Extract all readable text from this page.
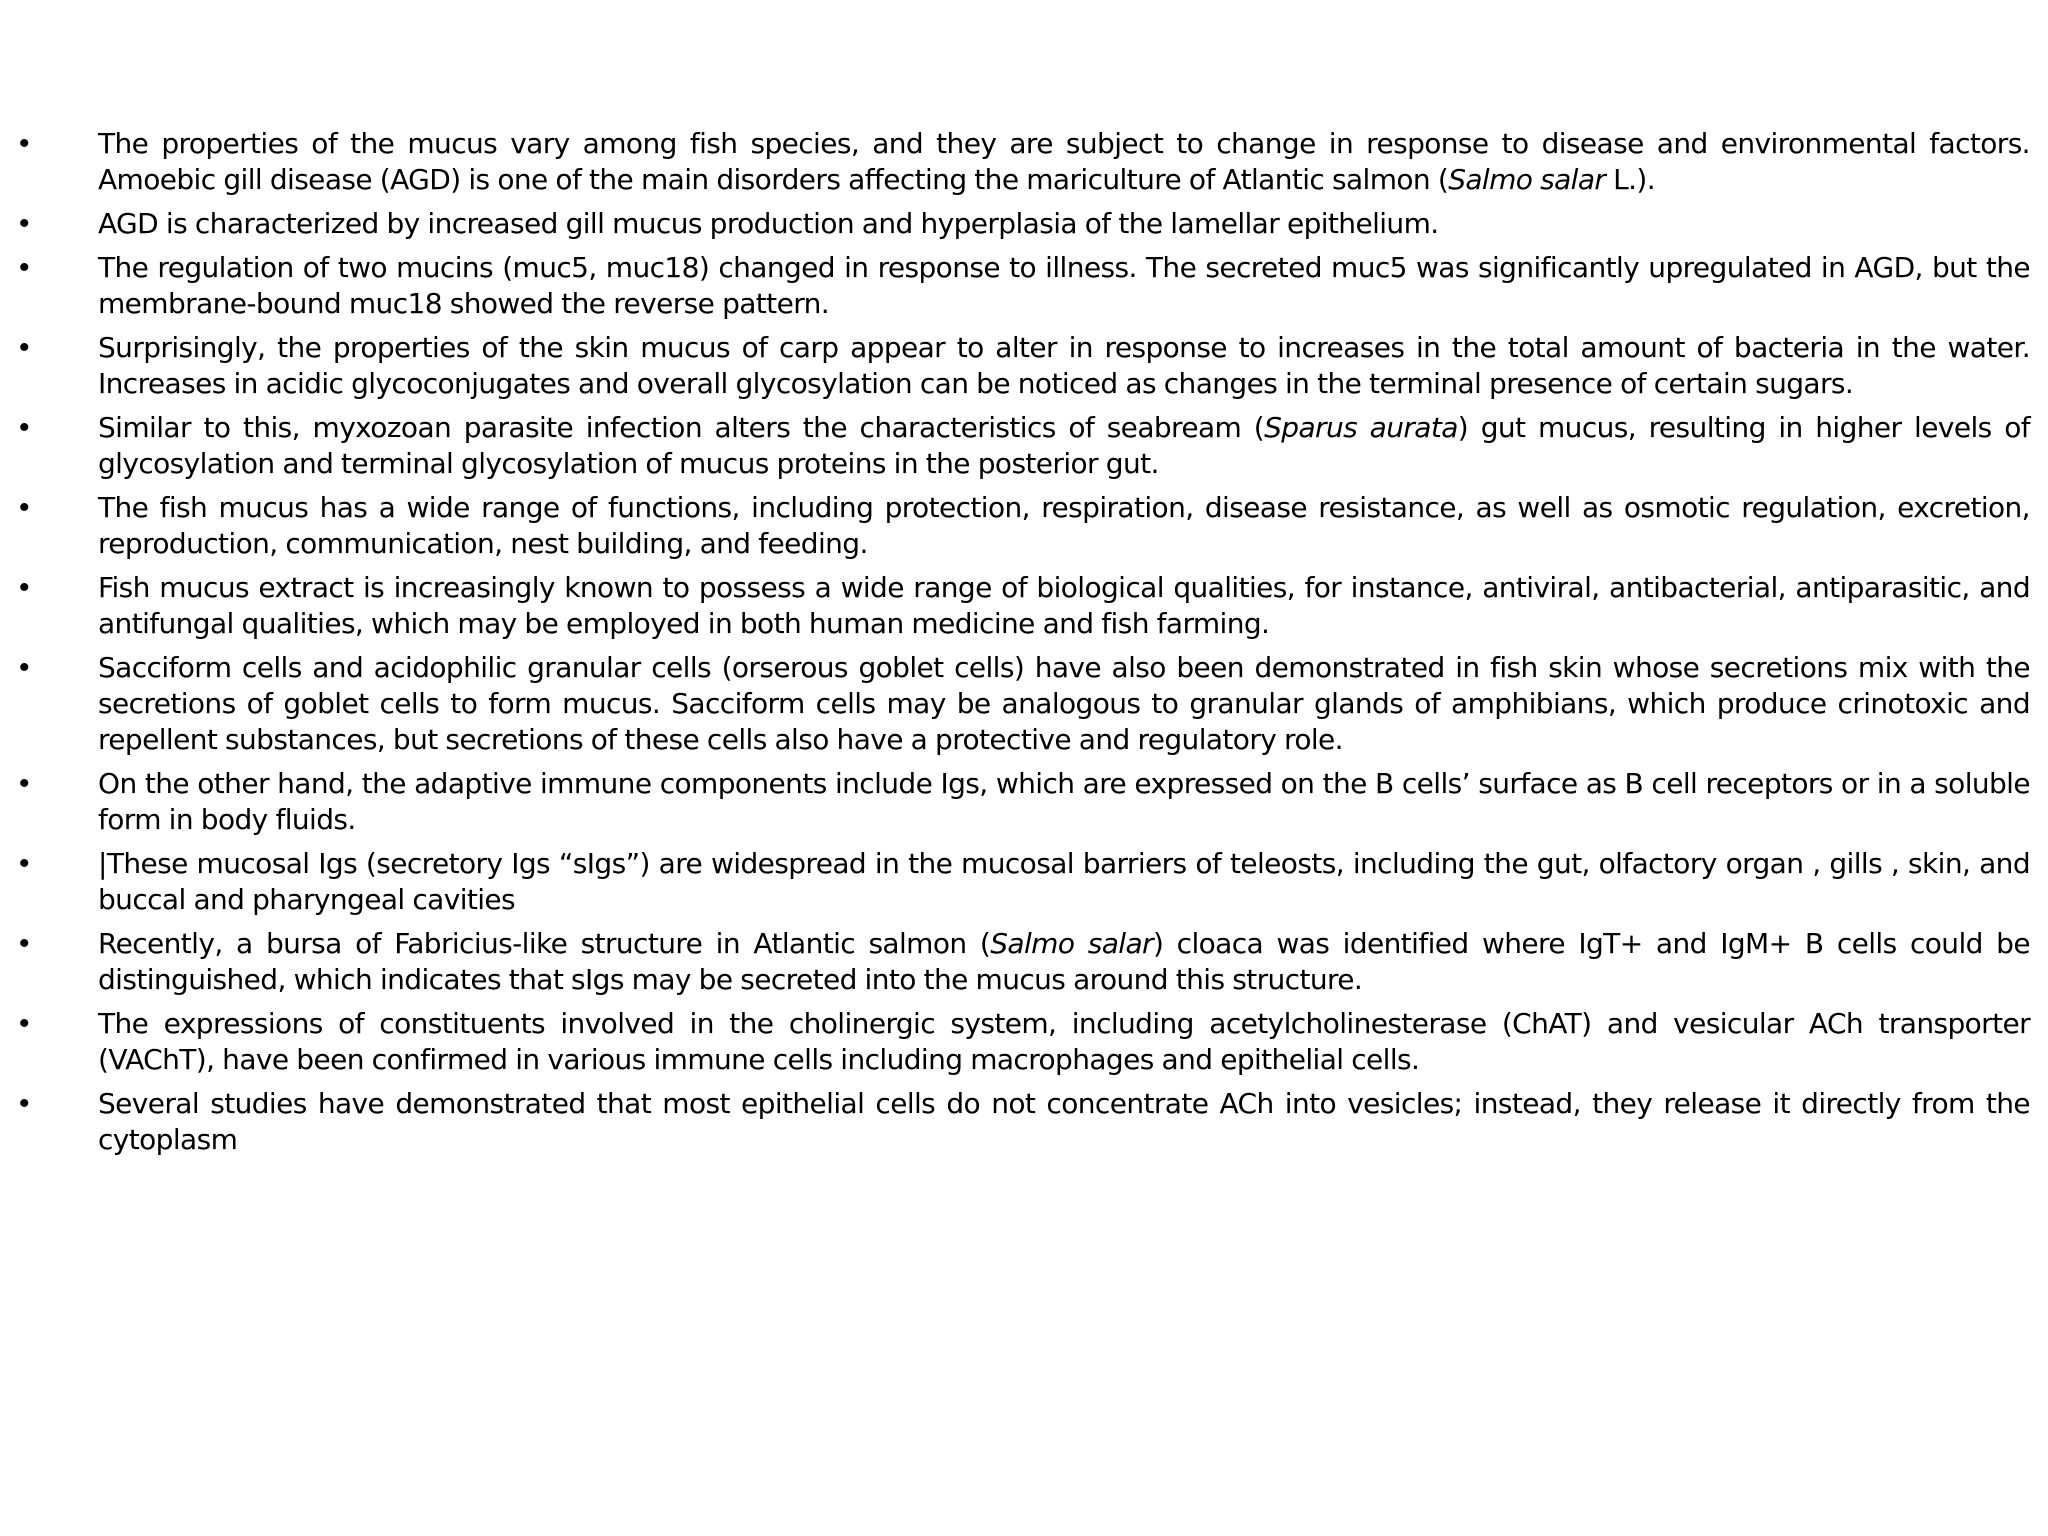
•	The properties of the mucus vary among fish species, and they are subject to change in response to disease and environmental factors. Amoebic gill disease (AGD) is one of the main disorders affecting the mariculture of Atlantic salmon (Salmo salar L.).
•	AGD is characterized by increased gill mucus production and hyperplasia of the lamellar epithelium.
•	The regulation of two mucins (muc5, muc18) changed in response to illness. The secreted muc5 was significantly upregulated in AGD, but the membrane-bound muc18 showed the reverse pattern.
•	Surprisingly, the properties of the skin mucus of carp appear to alter in response to increases in the total amount of bacteria in the water. Increases in acidic glycoconjugates and overall glycosylation can be noticed as changes in the terminal presence of certain sugars.
•	Similar to this, myxozoan parasite infection alters the characteristics of seabream (Sparus aurata) gut mucus, resulting in higher levels of glycosylation and terminal glycosylation of mucus proteins in the posterior gut.
•	The fish mucus has a wide range of functions, including protection, respiration, disease resistance, as well as osmotic regulation, excretion, reproduction, communication, nest building, and feeding.
•	Fish mucus extract is increasingly known to possess a wide range of biological qualities, for instance, antiviral, antibacterial, antiparasitic, and antifungal qualities, which may be employed in both human medicine and fish farming.
•	Sacciform cells and acidophilic granular cells (orserous goblet cells) have also been demonstrated in fish skin whose secretions mix with the secretions of goblet cells to form mucus. Sacciform cells may be analogous to granular glands of amphibians, which produce crinotoxic and repellent substances, but secretions of these cells also have a protective and regulatory role.
•	On the other hand, the adaptive immune components include Igs, which are expressed on the B cells’ surface as B cell receptors or in a soluble form in body fluids.
•	|These mucosal Igs (secretory Igs “sIgs”) are widespread in the mucosal barriers of teleosts, including the gut, olfactory organ , gills , skin, and buccal and pharyngeal cavities
•	Recently, a bursa of Fabricius-like structure in Atlantic salmon (Salmo salar) cloaca was identified where IgT+ and IgM+ B cells could be distinguished, which indicates that sIgs may be secreted into the mucus around this structure.
•	The expressions of constituents involved in the cholinergic system, including acetylcholinesterase (ChAT) and vesicular ACh transporter (VAChT), have been confirmed in various immune cells including macrophages and epithelial cells.
•	Several studies have demonstrated that most epithelial cells do not concentrate ACh into vesicles; instead, they release it directly from the cytoplasm
